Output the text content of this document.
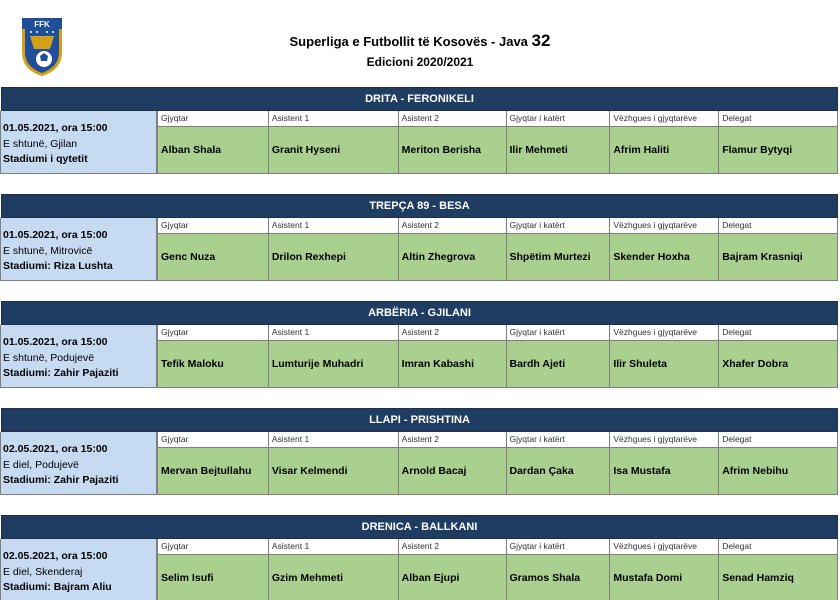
FFK
Superliga e Futbollit të Kosovës - Java 32
Edicioni 2020/2021
DRITA - FERONIKELI
01.05.2021, ora 15:00
E shtunë, Gjilan
Stadiumi i qytetit
Gjyqtar
Alban Shala
Asistent 1
Granit Hyseni
Asistent 2
Meriton Berisha
Gjyqtar i katërt
Ilir Mehmeti
Vëzhgues i gjyqtarëve
Afrim Haliti
Delegat
Flamur Bytyqi
TREPÇA 89 - BESA
01.05.2021, ora 15:00
E shtunë, Mitrovicë
Stadiumi: Riza Lushta
Gjyqtar
Genc Nuza
Asistent 1
Drilon Rexhepi
Asistent 2
Altin Zhegrova
Gjyqtar i katërt
Shpëtim Murtezi
Vëzhgues i gjyqtarëve
Skender Hoxha
Delegat
Bajram Krasniqi
ARBËRIA - GJILANI
01.05.2021, ora 15:00
E shtunë, Podujevë
Stadiumi: Zahir Pajaziti
Gjyqtar
Tefik Maloku
Asistent 1
Lumturije Muhadri
Asistent 2
Imran Kabashi
Gjyqtar i katërt
Bardh Ajeti
Vëzhgues i gjyqtarëve
Ilir Shuleta
Delegat
Xhafer Dobra
LLAPI - PRISHTINA
02.05.2021, ora 15:00
E diel, Podujevë
Stadiumi: Zahir Pajaziti
Gjyqtar
Mervan Bejtullahu
Asistent 1
Visar Kelmendi
Asistent 2
Arnold Bacaj
Gjyqtar i katërt
Dardan Çaka
Vëzhgues i gjyqtarëve
Isa Mustafa
Delegat
Afrim Nebihu
DRENICA - BALLKANI
02.05.2021, ora 15:00
E diel, Skenderaj
Stadiumi: Bajram Aliu
Gjyqtar
Selim Isufi
Asistent 1
Gzim Mehmeti
Asistent 2
Alban Ejupi
Gjyqtar i katërt
Gramos Shala
Vëzhgues i gjyqtarëve
Mustafa Domi
Delegat
Senad Hamziq
